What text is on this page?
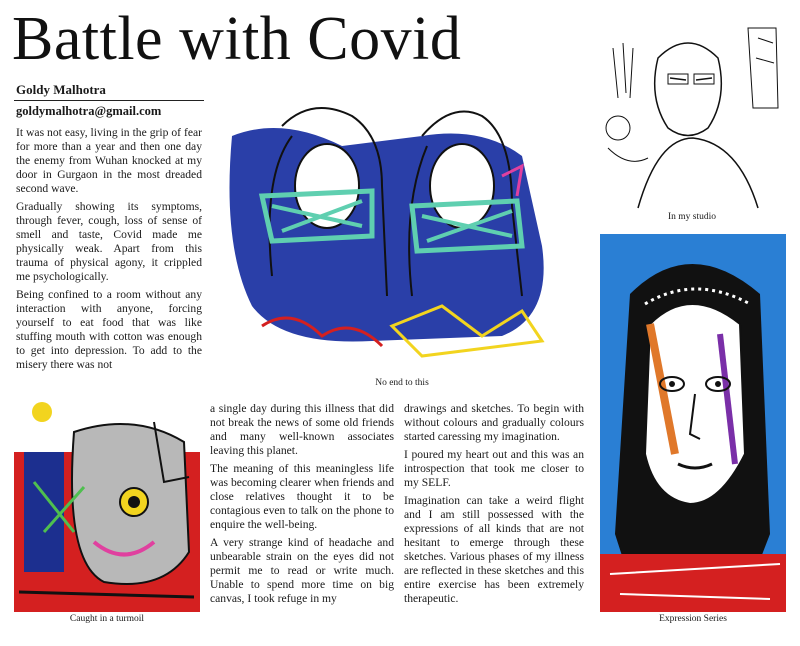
Battle with Covid
Goldy Malhotra
goldymalhotra@gmail.com

It was not easy, living in the grip of fear for more than a year and then one day the enemy from Wuhan knocked at my door in Gurgaon in the most dreaded second wave.

Gradually showing its symptoms, through fever, cough, loss of sense of smell and taste, Covid made me physically weak. Apart from this trauma of physical agony, it crippled me psychologically.

Being confined to a room without any interaction with anyone, forcing yourself to eat food that was like stuffing mouth with cotton was enough to get into depression. To add to the misery there was not

a single day during this illness that did not break the news of some old friends and many well-known associates leaving this planet.

The meaning of this meaningless life was becoming clearer when friends and close relatives thought it to be contagious even to talk on the phone to enquire the well-being.

A very strange kind of headache and unbearable strain on the eyes did not permit me to read or write much. Unable to spend more time on big canvas, I took refuge in my

drawings and sketches. To begin with without colours and gradually colours started caressing my imagination.

I poured my heart out and this was an introspection that took me closer to my SELF.

Imagination can take a weird flight and I am still possessed with the expressions of all kinds that are not hesitant to emerge through these sketches. Various phases of my illness are reflected in these sketches and this entire exercise has been extremely therapeutic.

No end to this
In my studio
Caught in a turmoil	Expression Series
